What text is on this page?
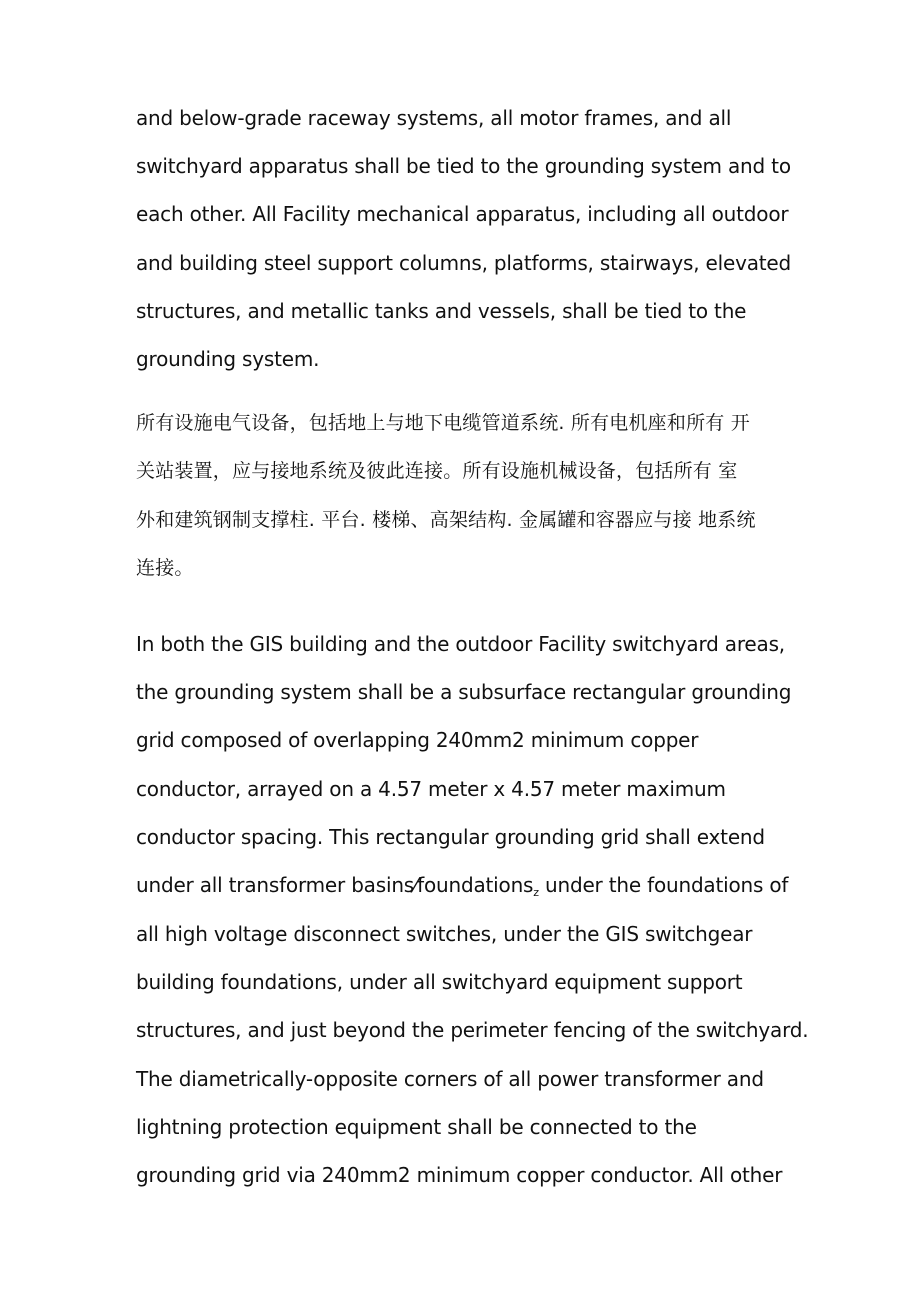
and below-grade raceway systems, all motor frames, and all
switchyard apparatus shall be tied to the grounding system and to
each other. All Facility mechanical apparatus, including all outdoor
and building steel support columns, platforms, stairways, elevated
structures, and metallic tanks and vessels, shall be tied to the
grounding system.
所有设施电气设备，包括地上与地下电缆管道系统. 所有电机座和所有 开
关站装置，应与接地系统及彼此连接。所有设施机械设备，包括所有 室
外和建筑钢制支撑柱. 平台. 楼梯、高架结构. 金属罐和容器应与接 地系统
连接。
In both the GIS building and the outdoor Facility switchyard areas,
the grounding system shall be a subsurface rectangular grounding
grid composed of overlapping 240mm2 minimum copper
conductor, arrayed on a 4.57 meter x 4.57 meter maximum
conductor spacing. This rectangular grounding grid shall extend
under all transformer basins⁄foundations$_z$ under the foundations of
all high voltage disconnect switches, under the GIS switchgear
building foundations, under all switchyard equipment support
structures, and just beyond the perimeter fencing of the switchyard.
The diametrically-opposite corners of all power transformer and
lightning protection equipment shall be connected to the
grounding grid via 240mm2 minimum copper conductor. All other
